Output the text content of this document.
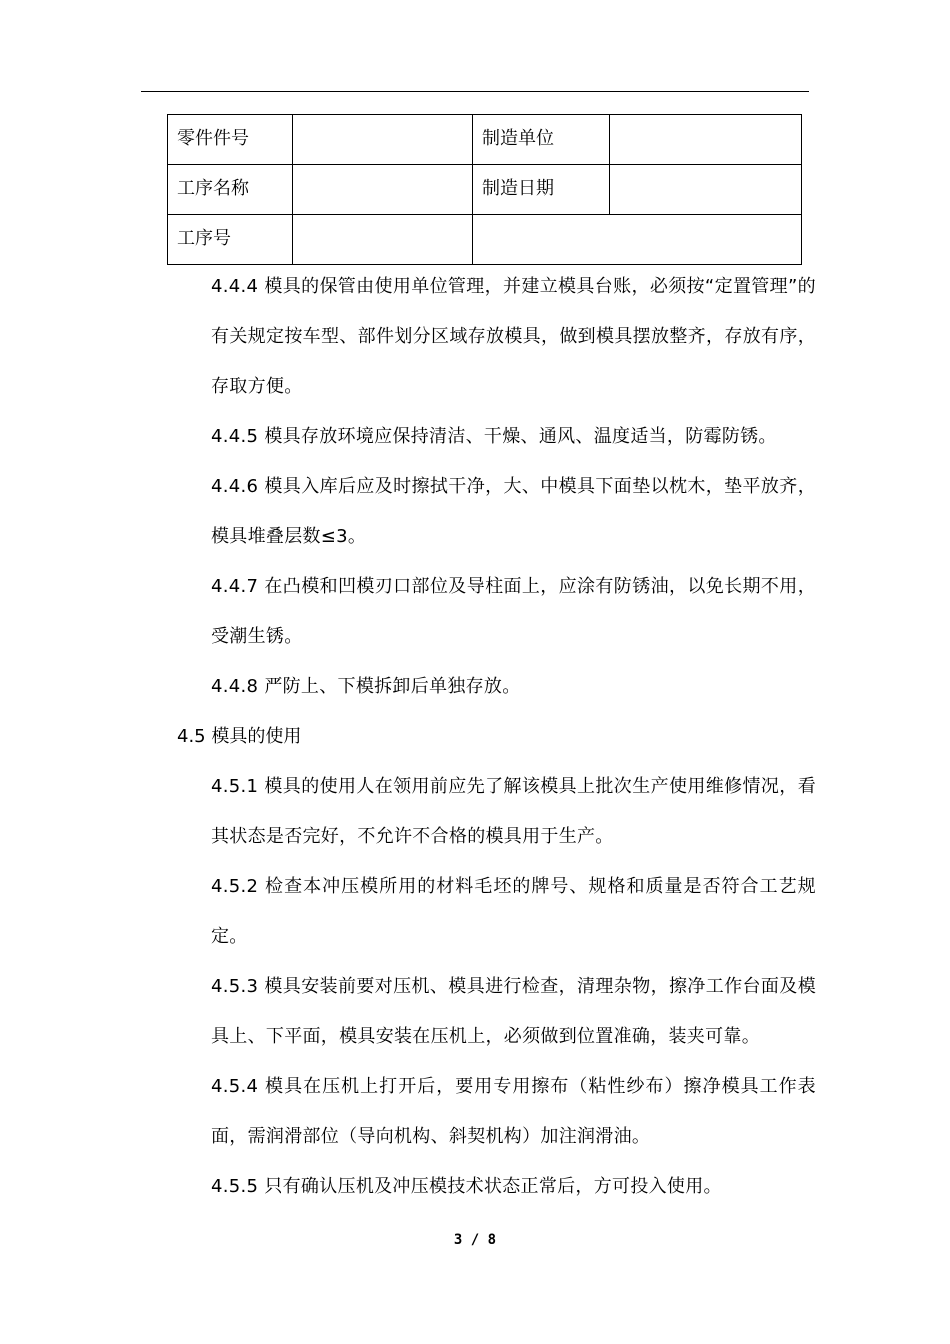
零件件号		制造单位	
工序名称		制造日期	
工序号			

4.4.4 模具的保管由使用单位管理，并建立模具台账，必须按“定置管理”的有关规定按车型、部件划分区域存放模具，做到模具摆放整齐，存放有序，存取方便。

4.4.5 模具存放环境应保持清洁、干燥、通风、温度适当，防霉防锈。

4.4.6 模具入库后应及时擦拭干净，大、中模具下面垫以枕木，垫平放齐，模具堆叠层数≤3。

4.4.7 在凸模和凹模刃口部位及导柱面上，应涂有防锈油，以免长期不用，受潮生锈。

4.4.8 严防上、下模拆卸后单独存放。

4.5 模具的使用

4.5.1 模具的使用人在领用前应先了解该模具上批次生产使用维修情况，看其状态是否完好，不允许不合格的模具用于生产。

4.5.2 检查本冲压模所用的材料毛坯的牌号、规格和质量是否符合工艺规定。

4.5.3 模具安装前要对压机、模具进行检查，清理杂物，擦净工作台面及模具上、下平面，模具安装在压机上，必须做到位置准确，装夹可靠。

4.5.4 模具在压机上打开后，要用专用擦布（粘性纱布）擦净模具工作表面，需润滑部位（导向机构、斜契机构）加注润滑油。

4.5.5 只有确认压机及冲压模技术状态正常后，方可投入使用。

3 / 8
